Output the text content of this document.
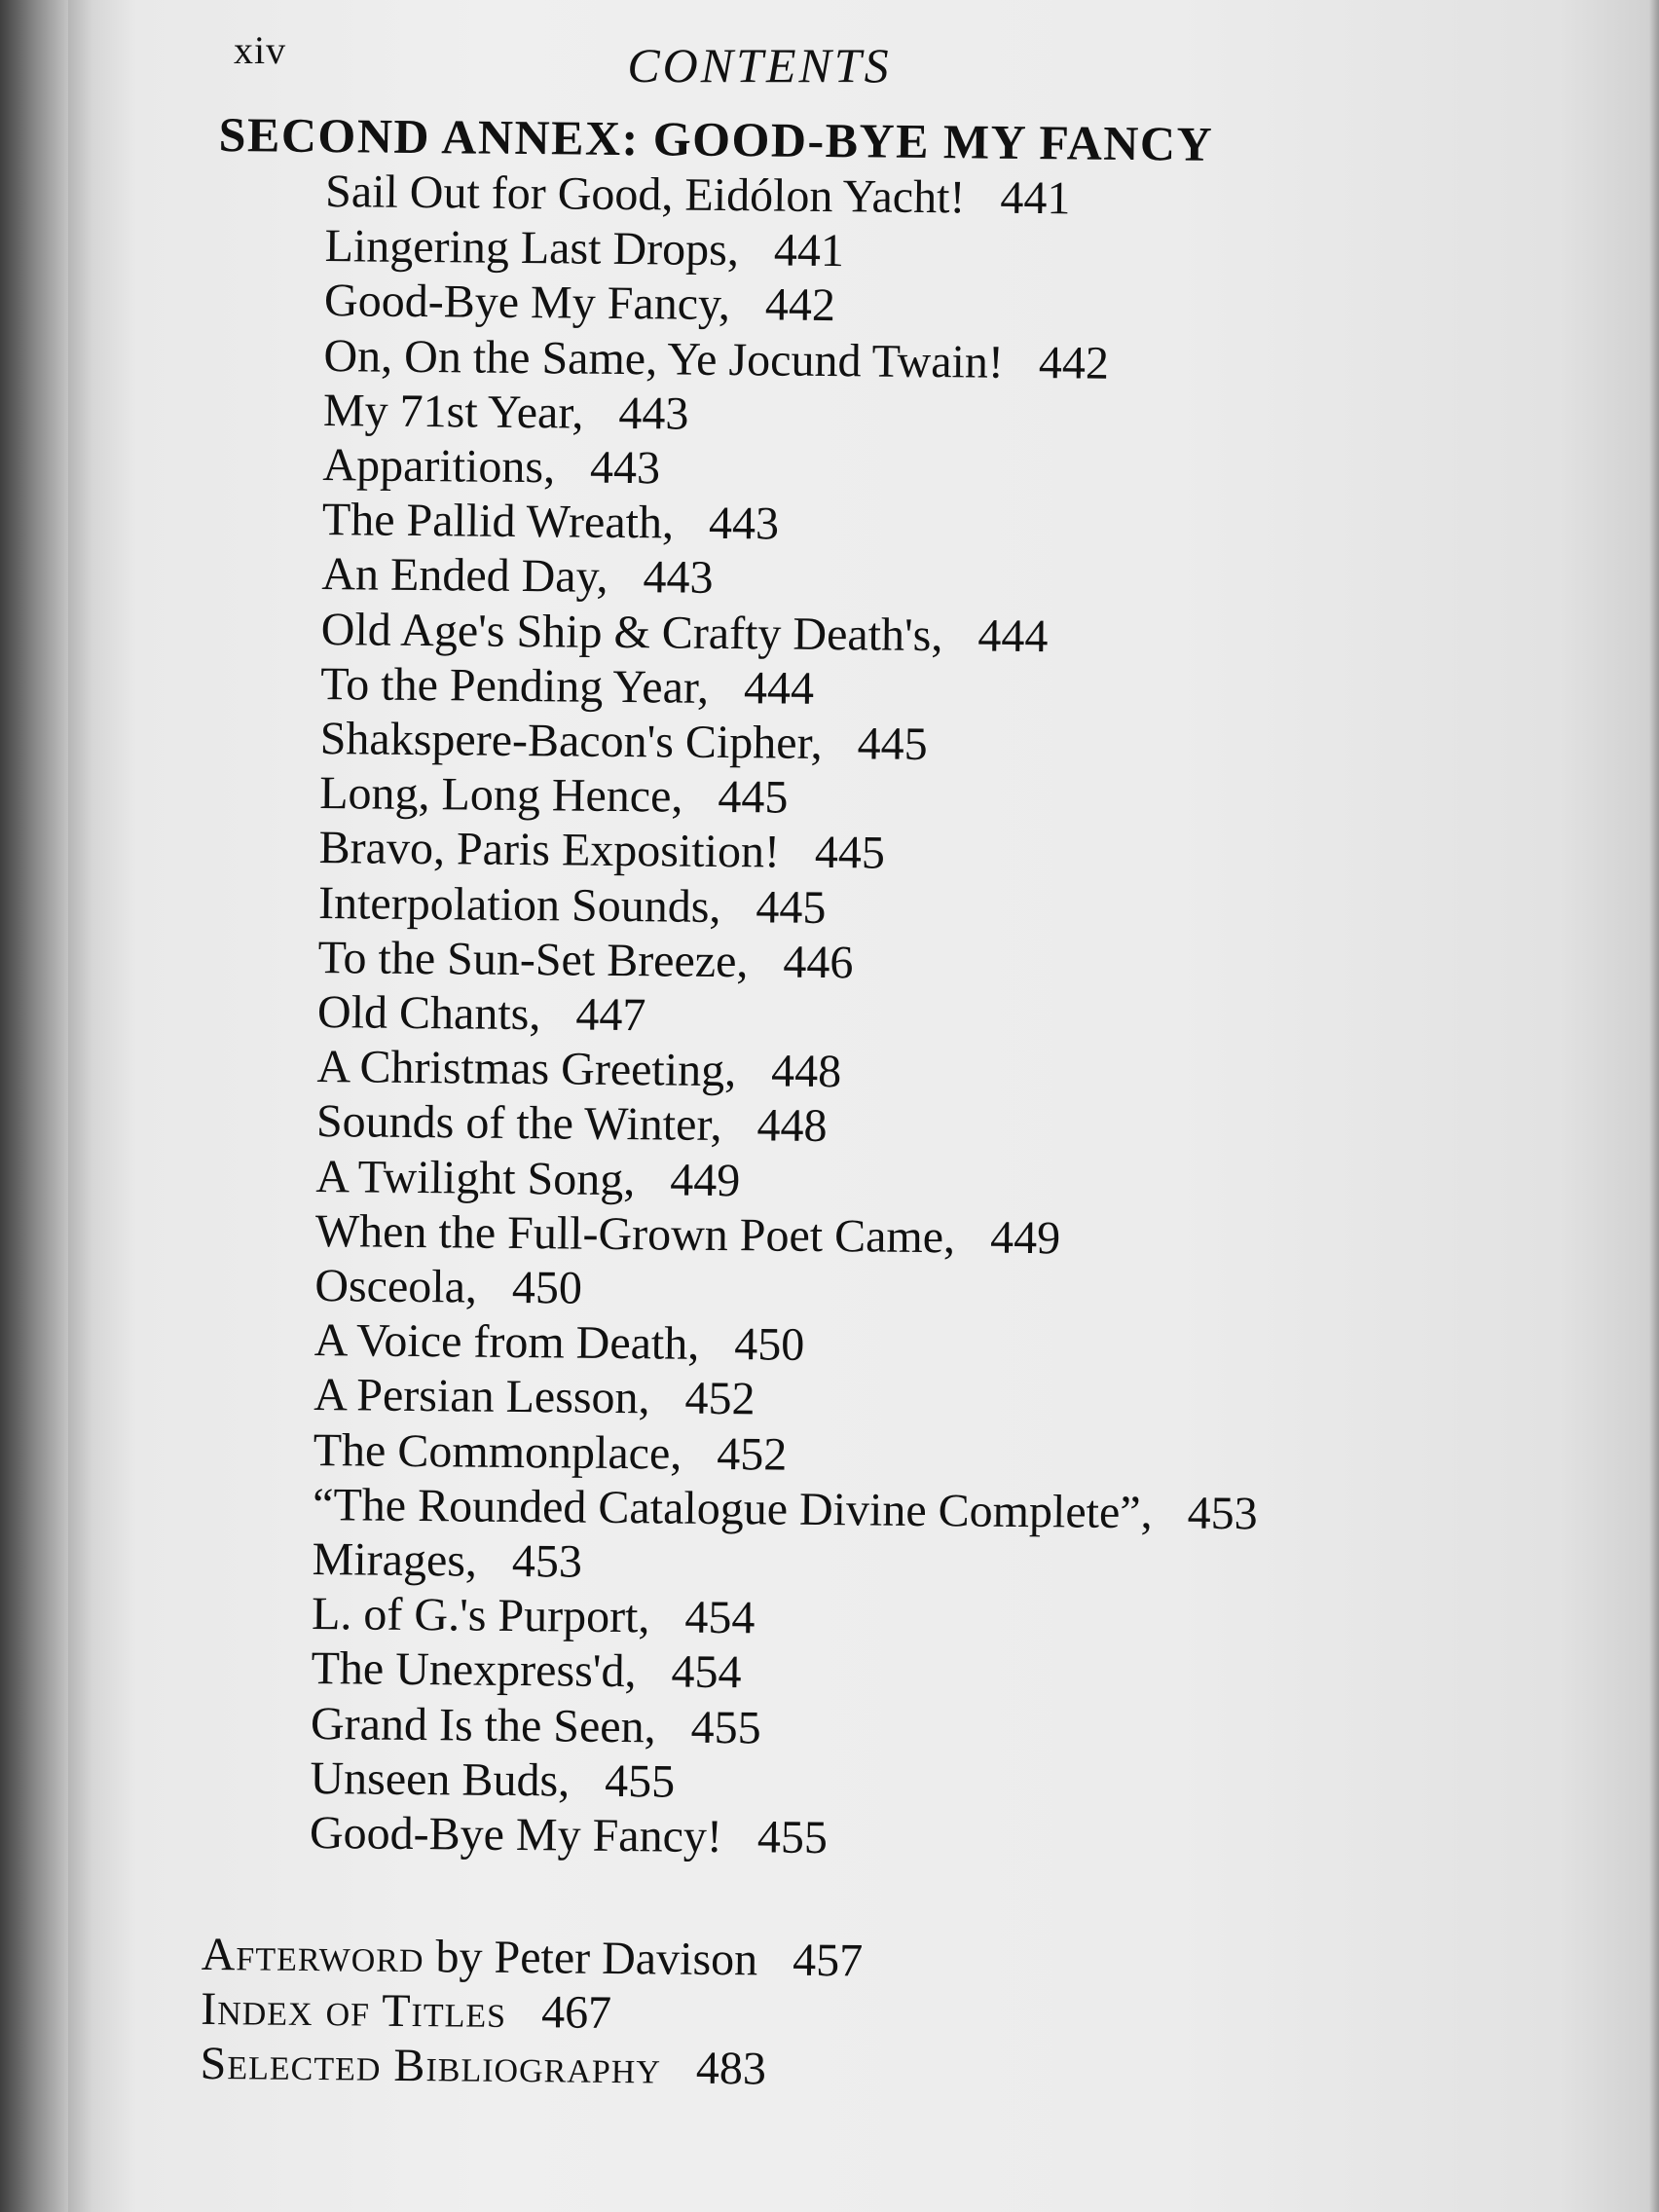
xiv	CONTENTS
SECOND ANNEX: GOOD-BYE MY FANCY
Sail Out for Good, Eidólon Yacht! 441
Lingering Last Drops, 441
Good-Bye My Fancy, 442
On, On the Same, Ye Jocund Twain! 442
My 71st Year, 443
Apparitions, 443
The Pallid Wreath, 443
An Ended Day, 443
Old Age's Ship & Crafty Death's, 444
To the Pending Year, 444
Shakspere-Bacon's Cipher, 445
Long, Long Hence, 445
Bravo, Paris Exposition! 445
Interpolation Sounds, 445
To the Sun-Set Breeze, 446
Old Chants, 447
A Christmas Greeting, 448
Sounds of the Winter, 448
A Twilight Song, 449
When the Full-Grown Poet Came, 449
Osceola, 450
A Voice from Death, 450
A Persian Lesson, 452
The Commonplace, 452
“The Rounded Catalogue Divine Complete”, 453
Mirages, 453
L. of G.'s Purport, 454
The Unexpress'd, 454
Grand Is the Seen, 455
Unseen Buds, 455
Good-Bye My Fancy! 455
Afterword by Peter Davison 457
Index of Titles 467
Selected Bibliography 483
